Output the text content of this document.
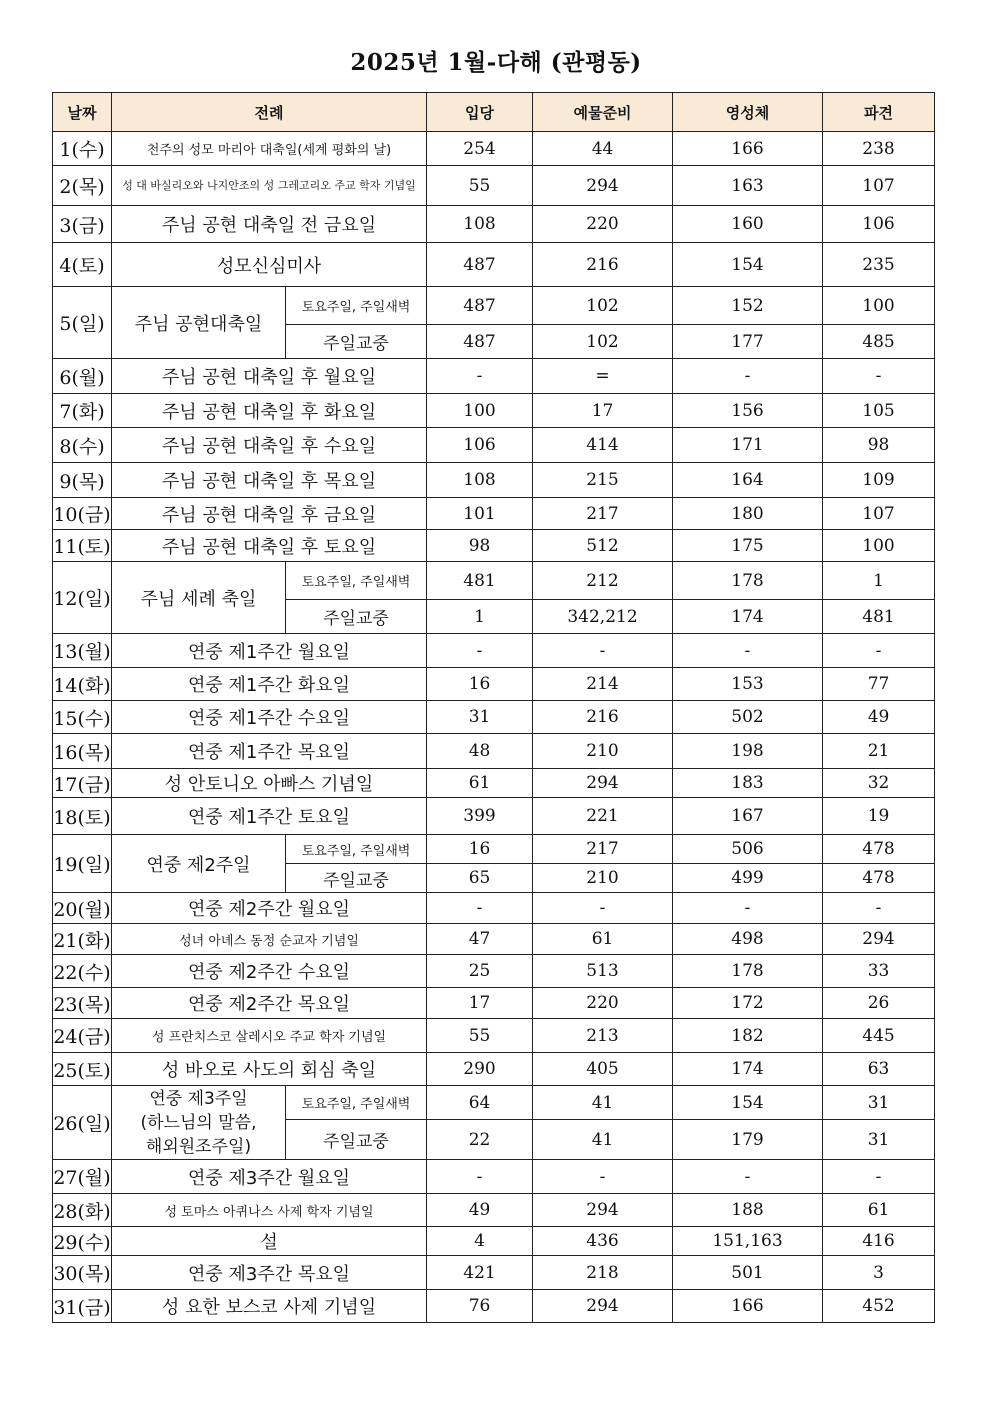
2025년 1월-다해 (관평동)
날짜	전례		입당	예물준비	영성체	파견
1(수)	천주의 성모 마리아 대축일(세계 평화의 날)		254	44	166	238
2(목)	성 대 바실리오와 나지안조의 성 그레고리오 주교 학자 기념일		55	294	163	107
3(금)	주님 공현 대축일 전 금요일		108	220	160	106
4(토)	성모신심미사		487	216	154	235
5(일)	주님 공현대축일	토요주일, 주일새벽	487	102	152	100
		주일교중	487	102	177	485
6(월)	주님 공현 대축일 후 월요일		-	=	-	-
7(화)	주님 공현 대축일 후 화요일		100	17	156	105
8(수)	주님 공현 대축일 후 수요일		106	414	171	98
9(목)	주님 공현 대축일 후 목요일		108	215	164	109
10(금)	주님 공현 대축일 후 금요일		101	217	180	107
11(토)	주님 공현 대축일 후 토요일		98	512	175	100
12(일)	주님 세례 축일	토요주일, 주일새벽	481	212	178	1
		주일교중	1	342,212	174	481
13(월)	연중 제1주간 월요일		-	-	-	-
14(화)	연중 제1주간 화요일		16	214	153	77
15(수)	연중 제1주간 수요일		31	216	502	49
16(목)	연중 제1주간 목요일		48	210	198	21
17(금)	성 안토니오 아빠스 기념일		61	294	183	32
18(토)	연중 제1주간 토요일		399	221	167	19
19(일)	연중 제2주일	토요주일, 주일새벽	16	217	506	478
		주일교중	65	210	499	478
20(월)	연중 제2주간 월요일		-	-	-	-
21(화)	성녀 아녜스 동정 순교자 기념일		47	61	498	294
22(수)	연중 제2주간 수요일		25	513	178	33
23(목)	연중 제2주간 목요일		17	220	172	26
24(금)	성 프란치스코 살레시오 주교 학자 기념일		55	213	182	445
25(토)	성 바오로 사도의 회심 축일		290	405	174	63
26(일)	연중 제3주일
(하느님의 말씀,
해외원조주일)	토요주일, 주일새벽	64	41	154	31
		주일교중	22	41	179	31
27(월)	연중 제3주간 월요일		-	-	-	-
28(화)	성 토마스 아퀴나스 사제 학자 기념일		49	294	188	61
29(수)	설		4	436	151,163	416
30(목)	연중 제3주간 목요일		421	218	501	3
31(금)	성 요한 보스코 사제 기념일		76	294	166	452
